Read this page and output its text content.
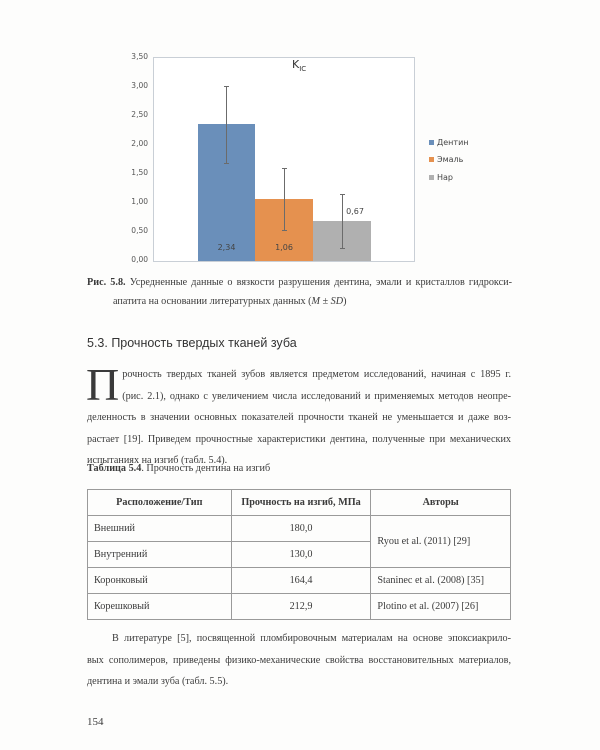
3,50
3,00
2,50
2,00
1,50
1,00
0,50
0,00
$K_{IC}$
2,34	1,06
0,67
Дентин
Эмаль
Hap
Рис. 5.8. Усредненные данные о вязкости разрушения дентина, эмали и кристаллов гидрокси-
апатита на основании литературных данных (M ± SD)
5.3. Прочность твердых тканей зуба
П рочность твердых тканей зубов является предметом исследований, начиная с 1895 г.
(рис. 2.1), однако с увеличением числа исследований и применяемых методов неопре-
деленность в значении основных показателей прочности тканей не уменьшается и даже воз-
растает [19]. Приведем прочностные характеристики дентина, полученные при механических
испытаниях на изгиб (табл. 5.4).
Таблица 5.4. Прочность дентина на изгиб
Расположение/Тип	Прочность на изгиб, МПа	Авторы
Внешний	180,0	Ryou et al. (2011) [29]
Внутренний	130,0	
Коронковый	164,4	Staninec et al. (2008) [35]
Корешковый	212,9	Plotino et al. (2007) [26]
В литературе [5], посвященной пломбировочным материалам на основе эпоксиакрило-
вых сополимеров, приведены физико-механические свойства восстановительных материалов,
дентина и эмали зуба (табл. 5.5).
154
